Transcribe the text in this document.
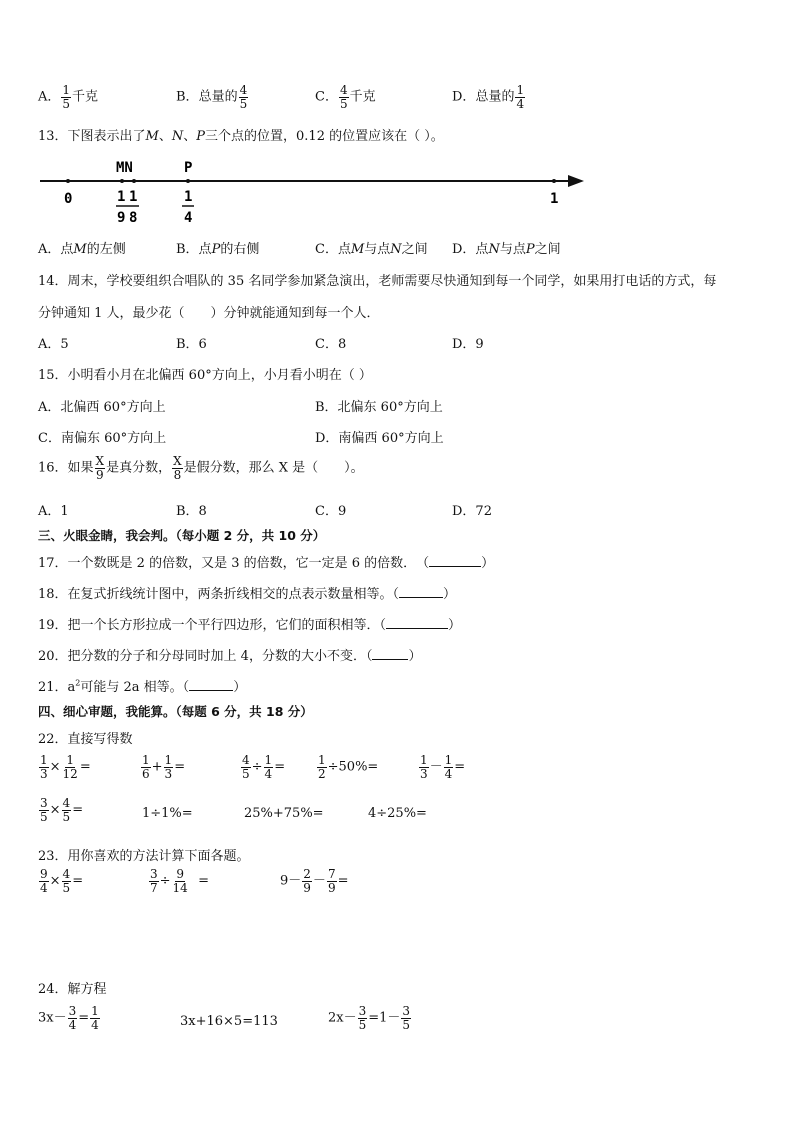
A． $\frac{1}{5}$ 千克	B．总量的 $\frac{4}{5}$	C． $\frac{4}{5}$ 千克	D．总量的 $\frac{1}{4}$
13．下图表示出了M、N、P三个点的位置，0.12 的位置应该在（ ）。
MN	P
0	1
1
9
1
8
1
4
A．点M的左侧	B．点P的右侧	C．点M与点N之间 D．点N与点P之间
14．周末，学校要组织合唱队的 35 名同学参加紧急演出，老师需要尽快通知到每一个同学，如果用打电话的方式，每
分钟通知 1 人，最少花（　　）分钟就能通知到每一个人．
A．5	B．6	C．8	D．9
15．小明看小月在北偏西 60°方向上，小月看小明在（ ）
A．北偏西 60°方向上	B．北偏东 60°方向上
C．南偏东 60°方向上	D．南偏西 60°方向上
16．如果 $\frac{X}{9}$ 是真分数， $\frac{X}{8}$ 是假分数，那么 X 是（　　）。
A．1	B．8	C．9	D．72
三、火眼金睛，我会判。（每小题 2 分，共 10 分）
17．一个数既是 2 的倍数，又是 3 的倍数，它一定是 6 的倍数．　（	）
18．在复式折线统计图中，两条折线相交的点表示数量相等。（	）
19．把一个长方形拉成一个平行四边形，它们的面积相等．（	）
20．把分数的分子和分母同时加上 4，分数的大小不变．（	）
21．$a^2$可能与 2a 相等。（	）
四、细心审题，我能算。（每题 6 分，共 18 分）
22．直接写得数
$\frac{1}{3} \times \frac{1}{12}$ =	$\frac{1}{6} + \frac{1}{3}$ =	$\frac{4}{5} \div \frac{1}{4}$ =	$\frac{1}{2} \div 50\%=$	$\frac{1}{3} - \frac{1}{4}$ =
$\frac{3}{5} \times \frac{4}{5}$ =	1÷1%=	25%+75%=	4÷25%=
23．用你喜欢的方法计算下面各题。
$\frac{9}{4} \times \frac{4}{5}$ =	$\frac{3}{7} \div \frac{9}{14}$ =	$9- \frac{2}{9} - \frac{7}{9}$ =
24．解方程
$3x- \frac{3}{4} = \frac{1}{4}$	3x+16×5=113	$2x- \frac{3}{5} =1- \frac{3}{5}$
